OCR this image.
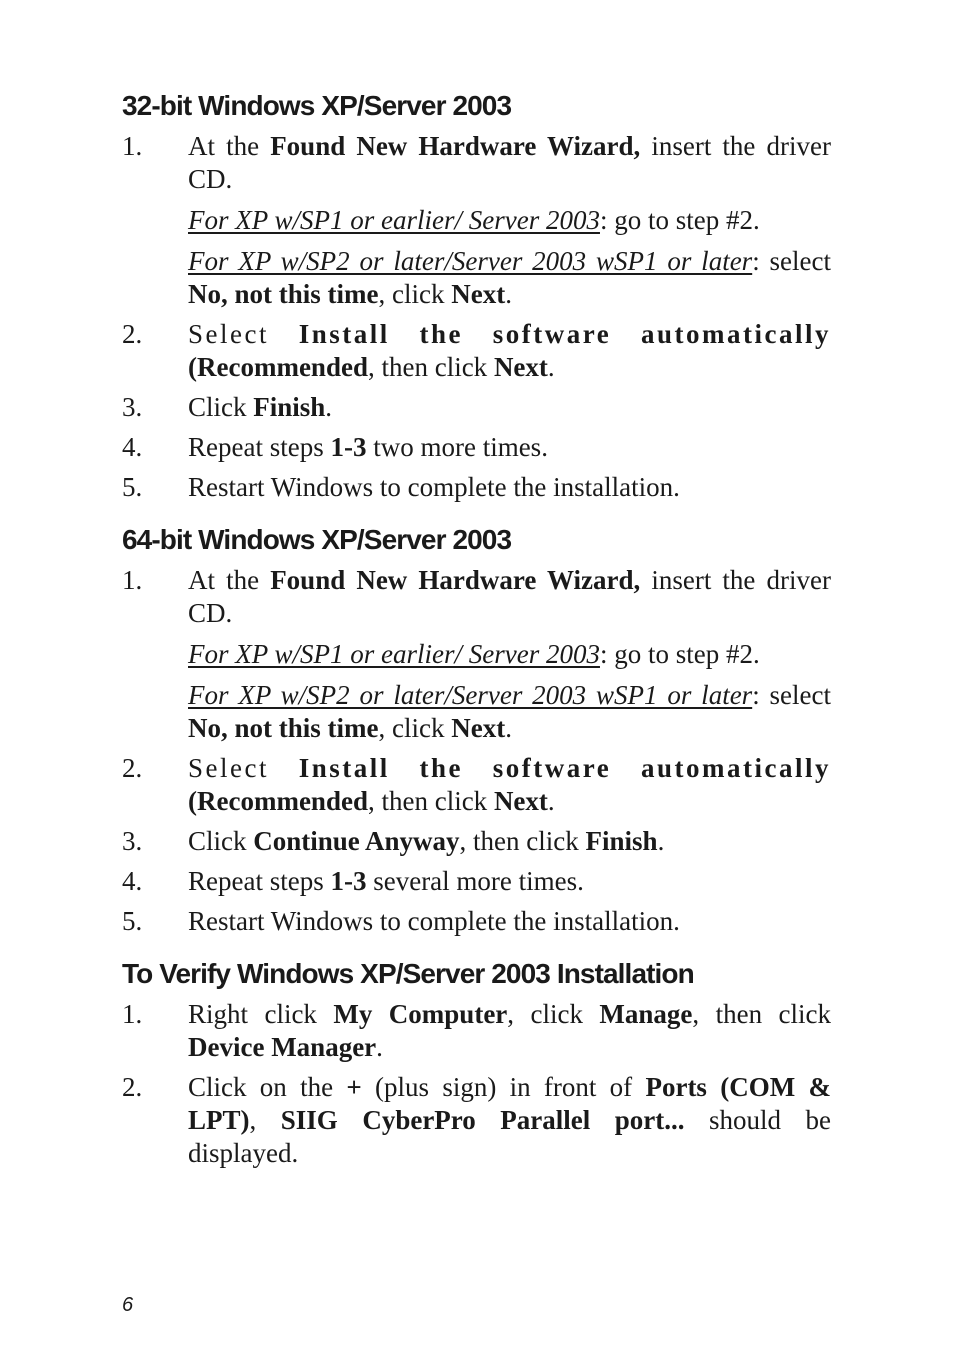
32-bit Windows XP/Server 2003
1.	At the Found New Hardware Wizard, insert the driver CD.

For XP w/SP1 or earlier/ Server 2003: go to step #2.

For XP w/SP2 or later/Server 2003 wSP1 or later: select No, not this time, click Next.

2.	Select Install the software automatically (Recommended, then click Next.

3.	Click Finish.

4.	Repeat steps 1-3 two more times.

5.	Restart Windows to complete the installation.

64-bit Windows XP/Server 2003
1.	At the Found New Hardware Wizard, insert the driver CD.

For XP w/SP1 or earlier/ Server 2003: go to step #2.

For XP w/SP2 or later/Server 2003 wSP1 or later: select No, not this time, click Next.

2.	Select Install the software automatically (Recommended, then click Next.

3.	Click Continue Anyway, then click Finish.

4.	Repeat steps 1-3 several more times.

5.	Restart Windows to complete the installation.

To Verify Windows XP/Server 2003 Installation
1.	Right click My Computer, click Manage, then click Device Manager.

2.	Click on the + (plus sign) in front of Ports (COM & LPT), SIIG CyberPro Parallel port... should be displayed.

6
